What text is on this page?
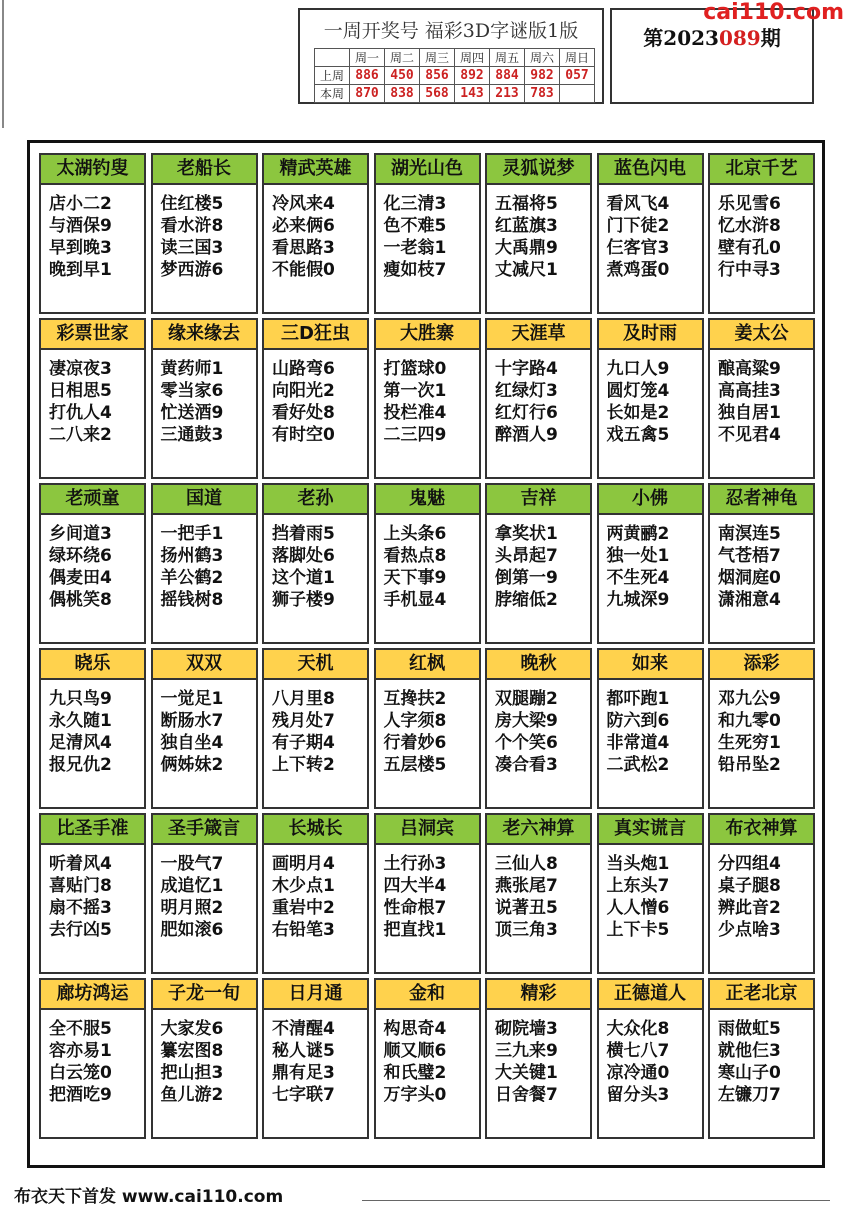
一周开奖号 福彩3D字谜版1版
	周一	周二	周三	周四	周五	周六	周日
上周	886	450	856	892	884	982	057
本周	870	838	568	143	213	783	
第2023089期
cai110.com
太湖钓叟
店小二2
与酒保9
早到晚3
晚到早1
老船长
住红楼5
看水浒8
读三国3
梦西游6
精武英雄
冷风来4
必来俩6
看思路3
不能假0
湖光山色
化三清3
色不难5
一老翁1
瘦如枝7
灵狐说梦
五福将5
红蓝旗3
大禹鼎9
丈减尺1
蓝色闪电
看风飞4
门下徒2
仨客官3
煮鸡蛋0
北京千艺
乐见雪6
忆水浒8
壁有孔0
行中寻3
彩票世家
凄凉夜3
日相思5
打仇人4
二八来2
缘来缘去
黄药师1
零当家6
忙送酒9
三通鼓3
三D狂虫
山路弯6
向阳光2
看好处8
有时空0
大胜寨
打篮球0
第一次1
投栏准4
二三四9
天涯草
十字路4
红绿灯3
红灯行6
醉酒人9
及时雨
九口人9
圆灯笼4
长如是2
戏五禽5
姜太公
酿高粱9
高高挂3
独自居1
不见君4
老顽童
乡间道3
绿环绕6
偶麦田4
偶桃笑8
国道
一把手1
扬州鹤3
羊公鹤2
摇钱树8
老孙
挡着雨5
落脚处6
这个道1
狮子楼9
鬼魅
上头条6
看热点8
天下事9
手机显4
吉祥
拿奖状1
头昂起7
倒第一9
脖缩低2
小佛
两黄鹂2
独一处1
不生死4
九城深9
忍者神龟
南溟连5
气苍梧7
烟洞庭0
潇湘意4
晓乐
九只鸟9
永久随1
足清风4
报兄仇2
双双
一觉足1
断肠水7
独自坐4
俩姊妹2
天机
八月里8
残月处7
有子期4
上下转2
红枫
互搀扶2
人字须8
行着妙6
五层楼5
晚秋
双腿蹦2
房大梁9
个个笑6
凑合看3
如来
都吓跑1
防六到6
非常道4
二武松2
添彩
邓九公9
和九零0
生死穷1
铅吊坠2
比圣手准
听着风4
喜贴门8
扇不摇3
去行凶5
圣手箴言
一股气7
成追忆1
明月照2
肥如滚6
长城长
画明月4
木少点1
重岩中2
右铅笔3
吕洞宾
土行孙3
四大半4
性命根7
把直找1
老六神算
三仙人8
燕张尾7
说著丑5
顶三角3
真实谎言
当头炮1
上东头7
人人憎6
上下卡5
布衣神算
分四组4
桌子腿8
辨此音2
少点啥3
廊坊鸿运
全不服5
容亦易1
白云笼0
把酒吃9
子龙一旬
大家发6
纂宏图8
把山担3
鱼儿游2
日月通
不清醒4
秘人谜5
鼎有足3
七字联7
金和
构思奇4
顺又顺6
和氏璧2
万字头0
精彩
砌院墙3
三九来9
大关键1
日舍餐7
正德道人
大众化8
横七八7
凉冷通0
留分头3
正老北京
雨做虹5
就他仨3
寒山子0
左镰刀7
布衣天下首发 www.cai110.com
